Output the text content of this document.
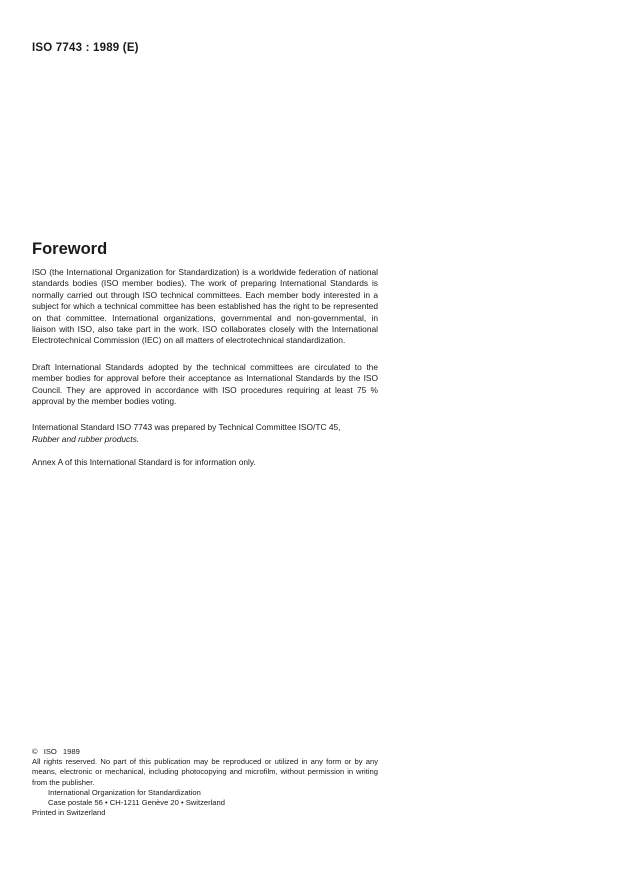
ISO 7743 : 1989 (E)
Foreword

ISO (the International Organization for Standardization) is a worldwide federation of national standards bodies (ISO member bodies). The work of preparing International Standards is normally carried out through ISO technical committees. Each member body interested in a subject for which a technical committee has been established has the right to be represented on that committee. International organizations, governmental and non-governmental, in liaison with ISO, also take part in the work. ISO collaborates closely with the International Electrotechnical Commission (IEC) on all matters of electrotechnical standardization.

Draft International Standards adopted by the technical committees are circulated to the member bodies for approval before their acceptance as International Standards by the ISO Council. They are approved in accordance with ISO procedures requiring at least 75 % approval by the member bodies voting.

International Standard ISO 7743 was prepared by Technical Committee ISO/TC 45,
Rubber and rubber products.

Annex A of this International Standard is for information only.

© ISO 1989
All rights reserved. No part of this publication may be reproduced or utilized in any form or by any means, electronic or mechanical, including photocopying and microfilm, without permission in writing from the publisher.
International Organization for Standardization
Case postale 56 • CH-1211 Genève 20 • Switzerland
Printed in Switzerland
